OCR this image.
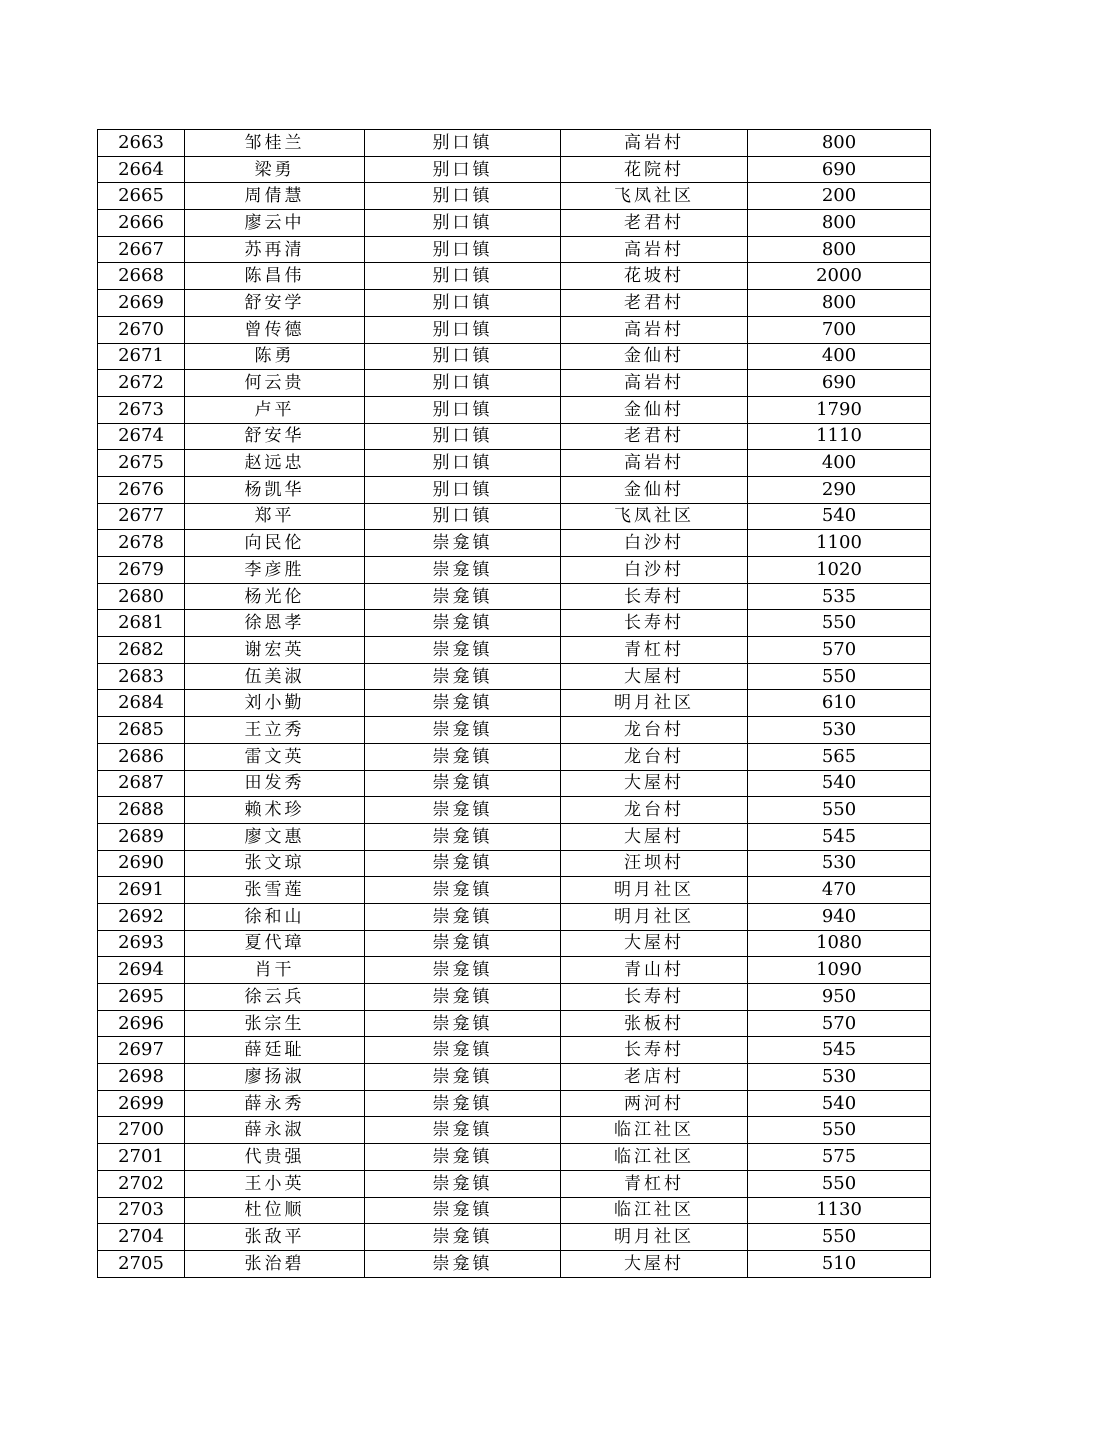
2663	邹桂兰	别口镇	高岩村	800
2664	梁勇	别口镇	花院村	690
2665	周倩慧	别口镇	飞凤社区	200
2666	廖云中	别口镇	老君村	800
2667	苏再清	别口镇	高岩村	800
2668	陈昌伟	别口镇	花坡村	2000
2669	舒安学	别口镇	老君村	800
2670	曾传德	别口镇	高岩村	700
2671	陈勇	别口镇	金仙村	400
2672	何云贵	别口镇	高岩村	690
2673	卢平	别口镇	金仙村	1790
2674	舒安华	别口镇	老君村	1110
2675	赵远忠	别口镇	高岩村	400
2676	杨凯华	别口镇	金仙村	290
2677	郑平	别口镇	飞凤社区	540
2678	向民伦	崇龛镇	白沙村	1100
2679	李彦胜	崇龛镇	白沙村	1020
2680	杨光伦	崇龛镇	长寿村	535
2681	徐恩孝	崇龛镇	长寿村	550
2682	谢宏英	崇龛镇	青杠村	570
2683	伍美淑	崇龛镇	大屋村	550
2684	刘小勤	崇龛镇	明月社区	610
2685	王立秀	崇龛镇	龙台村	530
2686	雷文英	崇龛镇	龙台村	565
2687	田发秀	崇龛镇	大屋村	540
2688	赖术珍	崇龛镇	龙台村	550
2689	廖文惠	崇龛镇	大屋村	545
2690	张文琼	崇龛镇	汪坝村	530
2691	张雪莲	崇龛镇	明月社区	470
2692	徐和山	崇龛镇	明月社区	940
2693	夏代璋	崇龛镇	大屋村	1080
2694	肖干	崇龛镇	青山村	1090
2695	徐云兵	崇龛镇	长寿村	950
2696	张宗生	崇龛镇	张板村	570
2697	薛廷耻	崇龛镇	长寿村	545
2698	廖扬淑	崇龛镇	老店村	530
2699	薛永秀	崇龛镇	两河村	540
2700	薛永淑	崇龛镇	临江社区	550
2701	代贵强	崇龛镇	临江社区	575
2702	王小英	崇龛镇	青杠村	550
2703	杜位顺	崇龛镇	临江社区	1130
2704	张敌平	崇龛镇	明月社区	550
2705	张治碧	崇龛镇	大屋村	510
